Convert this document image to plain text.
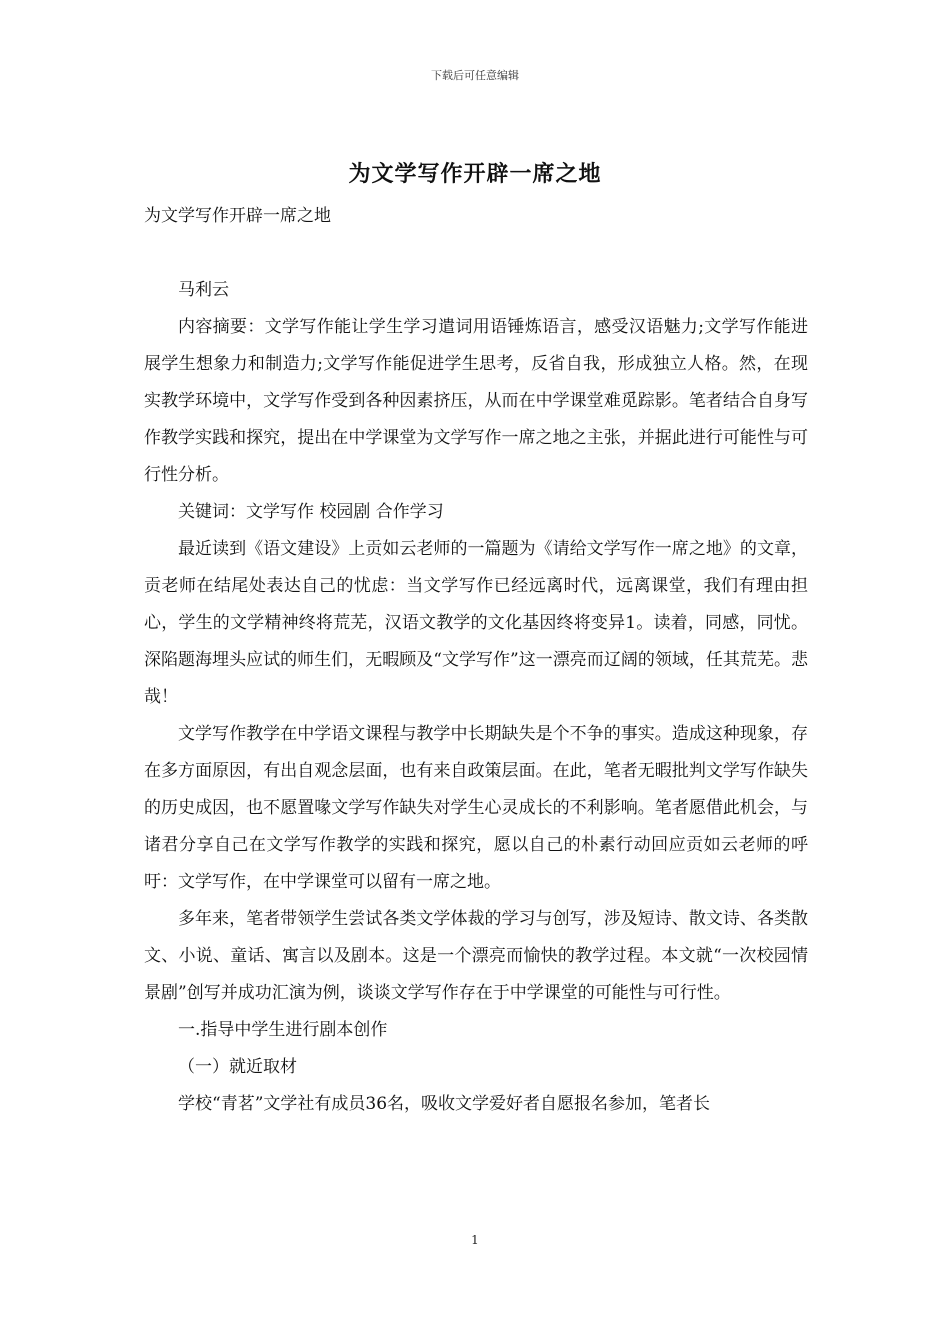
下载后可任意编辑
为文学写作开辟一席之地

为文学写作开辟一席之地

马利云

内容摘要：文学写作能让学生学习遣词用语锤炼语言，感受汉语魅力;文学写作能进展学生想象力和制造力;文学写作能促进学生思考，反省自我，形成独立人格。然，在现实教学环境中，文学写作受到各种因素挤压，从而在中学课堂难觅踪影。笔者结合自身写作教学实践和探究，提出在中学课堂为文学写作一席之地之主张，并据此进行可能性与可行性分析。

关键词：文学写作 校园剧 合作学习

最近读到《语文建设》上贡如云老师的一篇题为《请给文学写作一席之地》的文章，贡老师在结尾处表达自己的忧虑：当文学写作已经远离时代，远离课堂，我们有理由担心，学生的文学精神终将荒芜，汉语文教学的文化基因终将变异1。读着，同感，同忧。深陷题海埋头应试的师生们，无暇顾及“文学写作”这一漂亮而辽阔的领域，任其荒芜。悲哉！

文学写作教学在中学语文课程与教学中长期缺失是个不争的事实。造成这种现象，存在多方面原因，有出自观念层面，也有来自政策层面。在此，笔者无暇批判文学写作缺失的历史成因，也不愿置喙文学写作缺失对学生心灵成长的不利影响。笔者愿借此机会，与诸君分享自己在文学写作教学的实践和探究，愿以自己的朴素行动回应贡如云老师的呼吁：文学写作，在中学课堂可以留有一席之地。

多年来，笔者带领学生尝试各类文学体裁的学习与创写，涉及短诗、散文诗、各类散文、小说、童话、寓言以及剧本。这是一个漂亮而愉快的教学过程。本文就“一次校园情景剧”创写并成功汇演为例，谈谈文学写作存在于中学课堂的可能性与可行性。

一.指导中学生进行剧本创作

（一）就近取材

学校“青茗”文学社有成员36名，吸收文学爱好者自愿报名参加，笔者长

1
